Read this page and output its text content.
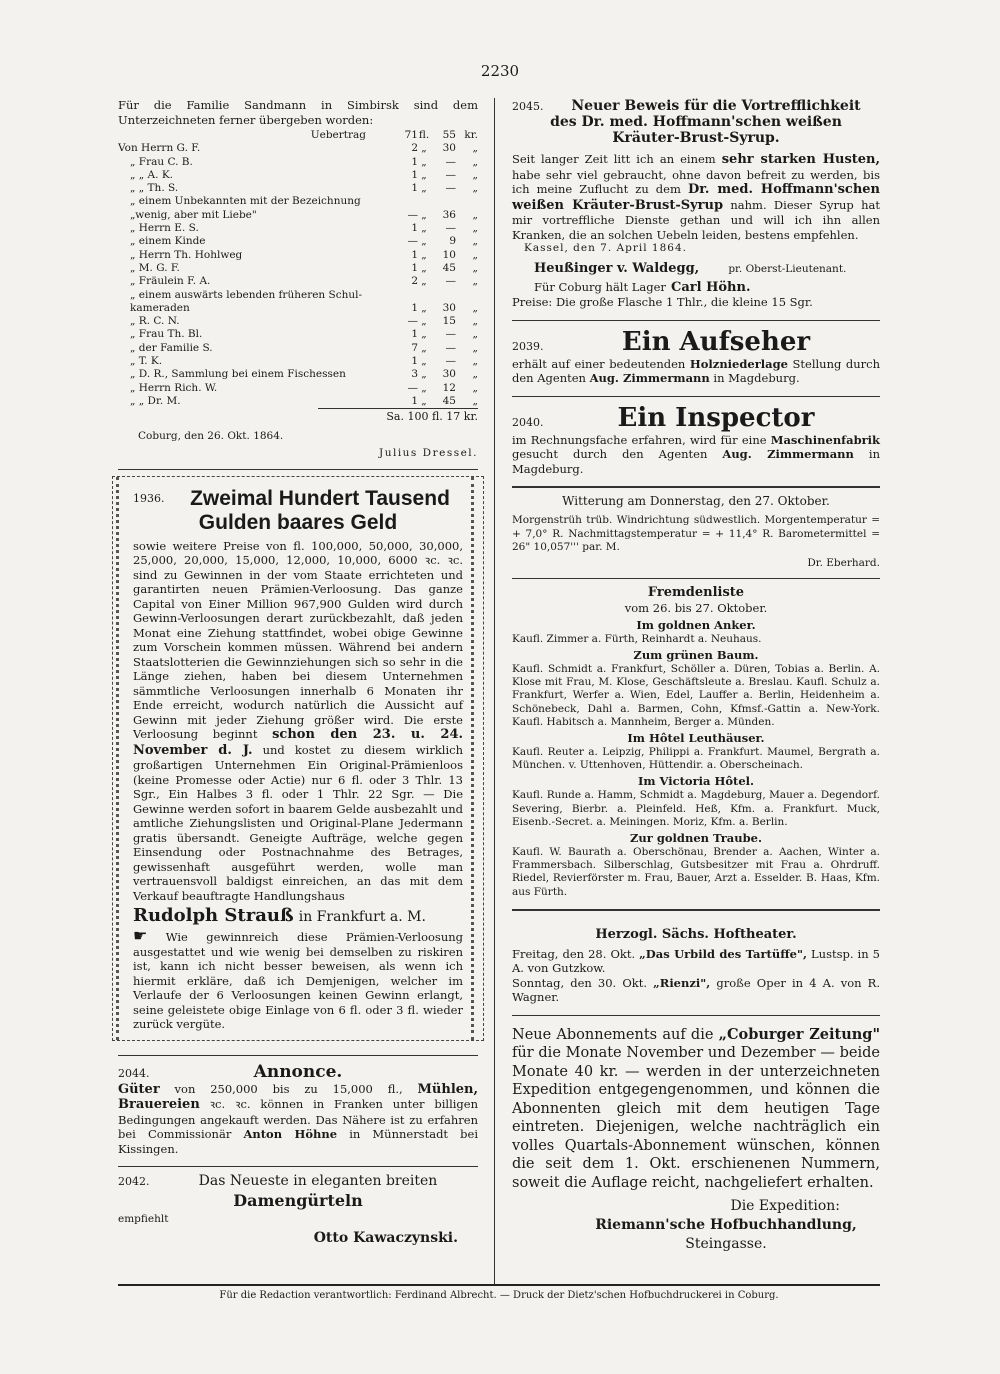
2230

Für die Familie Sandmann in Simbirsk sind dem Unterzeichneten ferner übergeben worden:

Uebertrag	71 fl.	55 kr.
Von Herrn G. F.	2 „	30	„
„ Frau C. B.	1 „	—	„
„ „ A. K.	1 „	—	„
„ „ Th. S.	1 „	—	„
„ einem Unbekannten mit der Bezeichnung
„wenig, aber mit Liebe"	— „	36	„
„ Herrn E. S.	1 „	—	„
„ einem Kinde	— „	9	„
„ Herrn Th. Hohlweg	1 „	10	„
„ M. G. F.	1 „	45	„
„ Fräulein F. A.	2 „	—	„
„ einem auswärts lebenden früheren Schul-
kameraden	1 „	30	„
„ R. C. N.	— „	15	„
„ Frau Th. Bl.	1 „	—	„
„ der Familie S.	7 „	—	„
„ T. K.	1 „	—	„
„ D. R., Sammlung bei einem Fischessen	3 „	30	„
„ Herrn Rich. W.	— „	12	„
„ „ Dr. M.	1 „	45	„
Sa. 100 fl. 17 kr.
Coburg, den 26. Okt. 1864.
Julius Dressel.
1936.	Zweimal Hundert Tausend
Gulden baares Geld

sowie weitere Preise von fl. 100,000, 50,000, 30,000, 25,000, 20,000, 15,000, 12,000, 10,000, 6000 ꝛc. ꝛc. sind zu Gewinnen in der vom Staate errichteten und garantirten neuen Prämien-Verloosung. Das ganze Capital von Einer Million 967,900 Gulden wird durch Gewinn-Verloosungen derart zurückbezahlt, daß jeden Monat eine Ziehung stattfindet, wobei obige Gewinne zum Vorschein kommen müssen. Während bei andern Staatslotterien die Gewinnziehungen sich so sehr in die Länge ziehen, haben bei diesem Unternehmen sämmtliche Verloosungen innerhalb 6 Monaten ihr Ende erreicht, wodurch natürlich die Aussicht auf Gewinn mit jeder Ziehung größer wird. Die erste Verloosung beginnt schon den 23. u. 24. November d. J. und kostet zu diesem wirklich großartigen Unternehmen Ein Original-Prämienloos (keine Promesse oder Actie) nur 6 fl. oder 3 Thlr. 13 Sgr., Ein Halbes 3 fl. oder 1 Thlr. 22 Sgr. — Die Gewinne werden sofort in baarem Gelde ausbezahlt und amtliche Ziehungslisten und Original-Plane Jedermann gratis übersandt. Geneigte Aufträge, welche gegen Einsendung oder Postnachnahme des Betrages, gewissenhaft ausgeführt werden, wolle man vertrauensvoll baldigst einreichen, an das mit dem Verkauf beauftragte Handlungshaus

Rudolph Strauß in Frankfurt a. M.

☛ Wie gewinnreich diese Prämien-Verloosung ausgestattet und wie wenig bei demselben zu riskiren ist, kann ich nicht besser beweisen, als wenn ich hiermit erkläre, daß ich Demjenigen, welcher im Verlaufe der 6 Verloosungen keinen Gewinn erlangt, seine geleistete obige Einlage von 6 fl. oder 3 fl. wieder zurück vergüte.

2044.	Annonce.

Güter von 250,000 bis zu 15,000 fl., Mühlen, Brauereien ꝛc. ꝛc. können in Franken unter billigen Bedingungen angekauft werden. Das Nähere ist zu erfahren bei Commissionär Anton Höhne in Münnerstadt bei Kissingen.

2042.	Das Neueste in eleganten breiten
Damengürteln
empfiehlt
Otto Kawaczynski.
2045.	Neuer Beweis für die Vortrefflichkeit
des Dr. med. Hoffmann'schen weißen
Kräuter-Brust-Syrup.

Seit langer Zeit litt ich an einem sehr starken Husten, habe sehr viel gebraucht, ohne davon befreit zu werden, bis ich meine Zuflucht zu dem Dr. med. Hoffmann'schen weißen Kräuter-Brust-Syrup nahm. Dieser Syrup hat mir vortreffliche Dienste gethan und will ich ihn allen Kranken, die an solchen Uebeln leiden, bestens empfehlen.

Kassel, den 7. April 1864.
Heußinger v. Waldegg,	pr. Oberst-Lieutenant.
Für Coburg hält Lager Carl Höhn.
Preise: Die große Flasche 1 Thlr., die kleine 15 Sgr.
2039.	Ein Aufseher

erhält auf einer bedeutenden Holzniederlage Stellung durch den Agenten Aug. Zimmermann in Magdeburg.

2040.	Ein Inspector

im Rechnungsfache erfahren, wird für eine Maschinenfabrik gesucht durch den Agenten Aug. Zimmermann in Magdeburg.

Witterung am Donnerstag, den 27. Oktober.

Morgenstrüh trüb. Windrichtung südwestlich. Morgentemperatur = + 7,0° R. Nachmittagstemperatur = + 11,4° R. Barometermittel = 26" 10,057''' par. M.

Dr. Eberhard.
Fremdenliste
vom 26. bis 27. Oktober.
Im goldnen Anker.

Kaufl. Zimmer a. Fürth, Reinhardt a. Neuhaus.

Zum grünen Baum.

Kaufl. Schmidt a. Frankfurt, Schöller a. Düren, Tobias a. Berlin. A. Klose mit Frau, M. Klose, Geschäftsleute a. Breslau. Kaufl. Schulz a. Frankfurt, Werfer a. Wien, Edel, Lauffer a. Berlin, Heidenheim a. Schönebeck, Dahl a. Barmen, Cohn, Kfmsf.-Gattin a. New-York. Kaufl. Habitsch a. Mannheim, Berger a. Münden.

Im Hôtel Leuthäuser.

Kaufl. Reuter a. Leipzig, Philippi a. Frankfurt. Maumel, Bergrath a. München. v. Uttenhoven, Hüttendir. a. Oberscheinach.

Im Victoria Hôtel.

Kaufl. Runde a. Hamm, Schmidt a. Magdeburg, Mauer a. Degendorf. Severing, Bierbr. a. Pleinfeld. Heß, Kfm. a. Frankfurt. Muck, Eisenb.-Secret. a. Meiningen. Moriz, Kfm. a. Berlin.

Zur goldnen Traube.

Kaufl. W. Baurath a. Oberschönau, Brender a. Aachen, Winter a. Frammersbach. Silberschlag, Gutsbesitzer mit Frau a. Ohrdruff. Riedel, Revierförster m. Frau, Bauer, Arzt a. Esselder. B. Haas, Kfm. aus Fürth.

Herzogl. Sächs. Hoftheater.

Freitag, den 28. Okt. „Das Urbild des Tartüffe", Lustsp. in 5 A. von Gutzkow.

Sonntag, den 30. Okt. „Rienzi", große Oper in 4 A. von R. Wagner.

Neue Abonnements auf die „Coburger Zeitung" für die Monate November und Dezember — beide Monate 40 kr. — werden in der unterzeichneten Expedition entgegengenommen, und können die Abonnenten gleich mit dem heutigen Tage eintreten. Diejenigen, welche nachträglich ein volles Quartals-Abonnement wünschen, können die seit dem 1. Okt. erschienenen Nummern, soweit die Auflage reicht, nachgeliefert erhalten.

Die Expedition:
Riemann'sche Hofbuchhandlung,
Steingasse.
Für die Redaction verantwortlich: Ferdinand Albrecht. — Druck der Dietz'schen Hofbuchdruckerei in Coburg.
